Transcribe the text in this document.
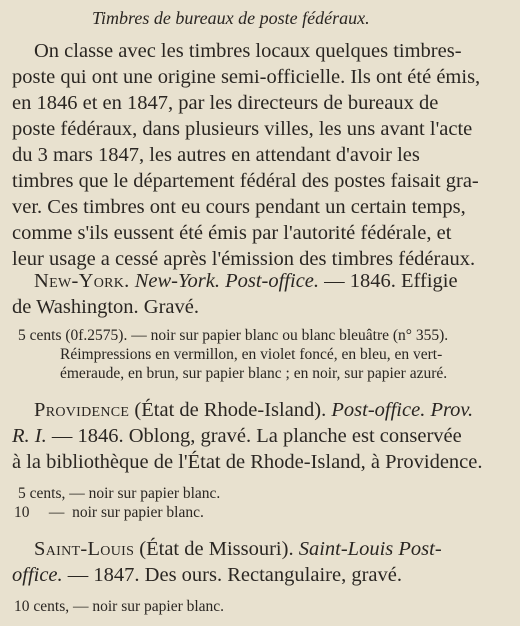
Timbres de bureaux de poste fédéraux.
On classe avec les timbres locaux quelques timbres-
poste qui ont une origine semi-officielle. Ils ont été émis,
en 1846 et en 1847, par les directeurs de bureaux de
poste fédéraux, dans plusieurs villes, les uns avant l'acte
du 3 mars 1847, les autres en attendant d'avoir les
timbres que le département fédéral des postes faisait gra-
ver. Ces timbres ont eu cours pendant un certain temps,
comme s'ils eussent été émis par l'autorité fédérale, et
leur usage a cessé après l'émission des timbres fédéraux.
New-York. New-York. Post-office. — 1846. Effigie
de Washington. Gravé.
5 cents (0f.2575). — noir sur papier blanc ou blanc bleuâtre (n° 355).
Réimpressions en vermillon, en violet foncé, en bleu, en vert-
émeraude, en brun, sur papier blanc ; en noir, sur papier azuré.
Providence (État de Rhode-Island). Post-office. Prov.
R. I. — 1846. Oblong, gravé. La planche est conservée
à la bibliothèque de l'État de Rhode-Island, à Providence.
5 cents, — noir sur papier blanc.
10     —  noir sur papier blanc.
Saint-Louis (État de Missouri). Saint-Louis Post-
office. — 1847. Des ours. Rectangulaire, gravé.
10 cents, — noir sur papier blanc.
